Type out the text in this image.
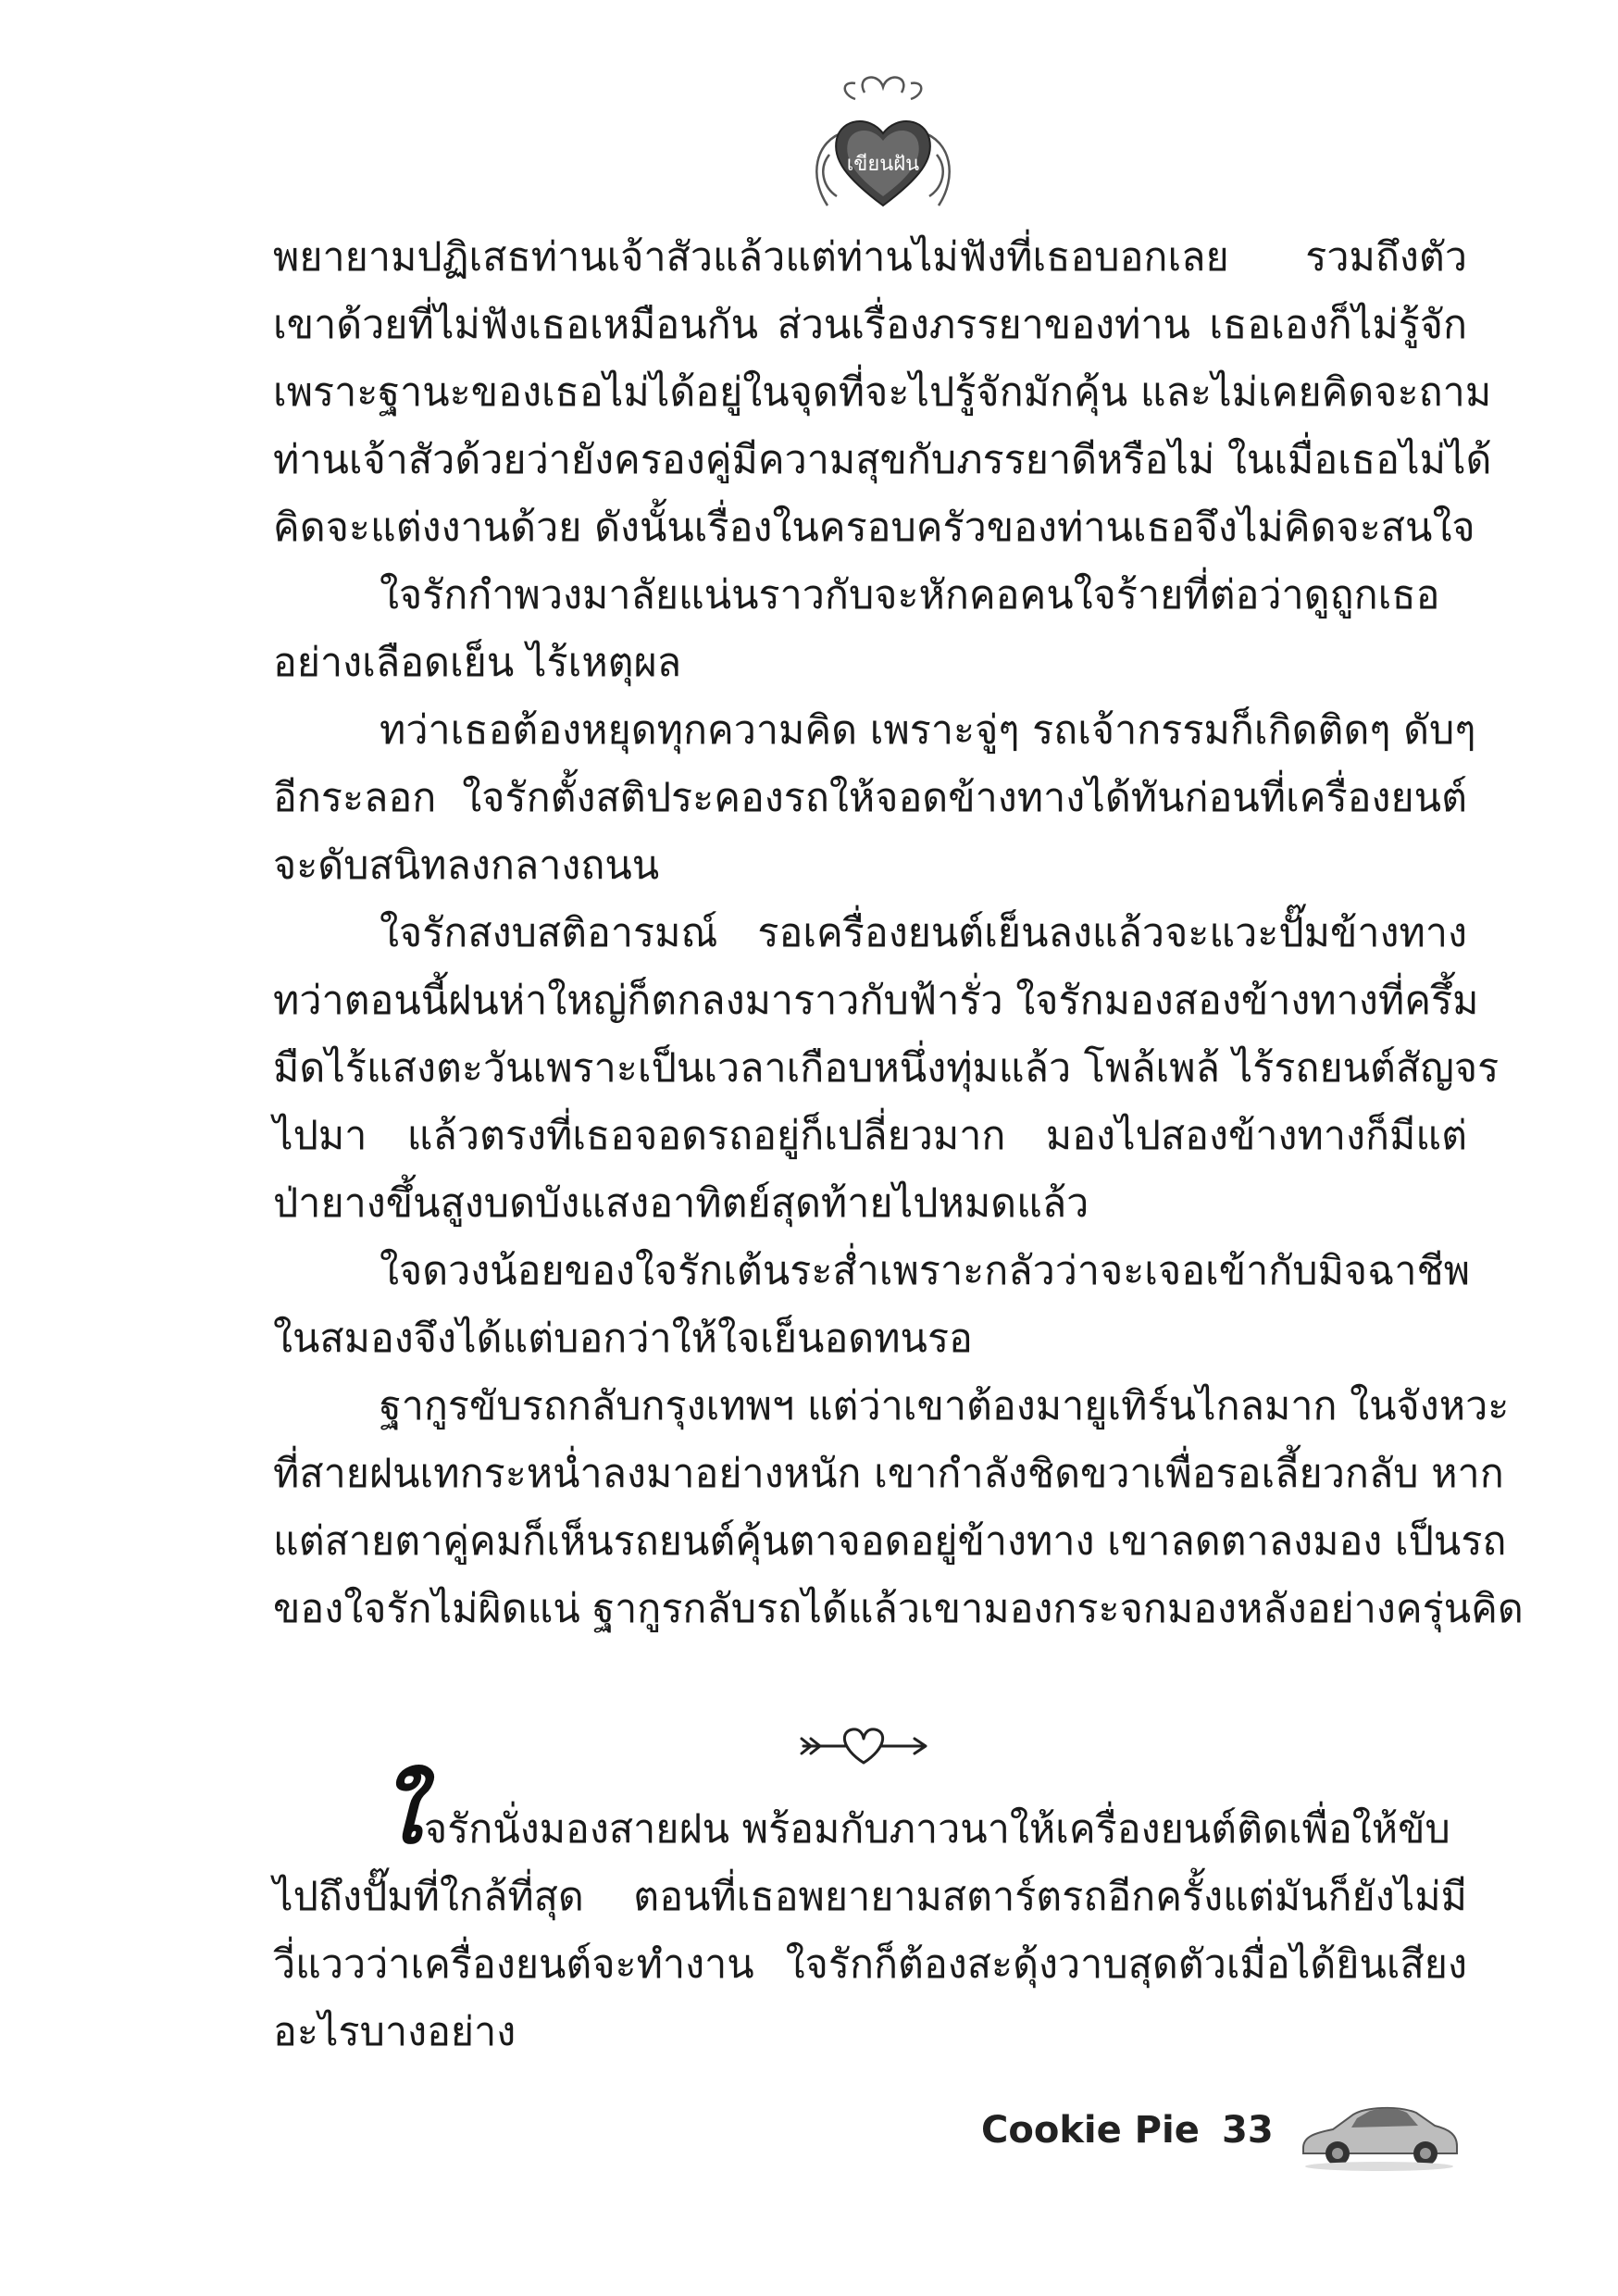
เขียนฝัน
พยายามปฏิเสธท่านเจ้าสัวแล้วแต่ท่านไม่ฟังที่เธอบอกเลย รวมถึงตัว
เขาด้วยที่ไม่ฟังเธอเหมือนกัน ส่วนเรื่องภรรยาของท่าน เธอเองก็ไม่รู้จัก
เพราะฐานะของเธอไม่ได้อยู่ในจุดที่จะไปรู้จักมักคุ้น และไม่เคยคิดจะถาม
ท่านเจ้าสัวด้วยว่ายังครองคู่มีความสุขกับภรรยาดีหรือไม่ ในเมื่อเธอไม่ได้
คิดจะแต่งงานด้วย ดังนั้นเรื่องในครอบครัวของท่านเธอจึงไม่คิดจะสนใจ
ใจรักกำพวงมาลัยแน่นราวกับจะหักคอคนใจร้ายที่ต่อว่าดูถูกเธอ
อย่างเลือดเย็น ไร้เหตุผล
ทว่าเธอต้องหยุดทุกความคิด เพราะจู่ๆ รถเจ้ากรรมก็เกิดติดๆ ดับๆ
อีกระลอก ใจรักตั้งสติประคองรถให้จอดข้างทางได้ทันก่อนที่เครื่องยนต์
จะดับสนิทลงกลางถนน
ใจรักสงบสติอารมณ์ รอเครื่องยนต์เย็นลงแล้วจะแวะปั๊มข้างทาง
ทว่าตอนนี้ฝนห่าใหญ่ก็ตกลงมาราวกับฟ้ารั่ว ใจรักมองสองข้างทางที่ครึ้ม
มืดไร้แสงตะวันเพราะเป็นเวลาเกือบหนึ่งทุ่มแล้ว โพล้เพล้ ไร้รถยนต์สัญจร
ไปมา แล้วตรงที่เธอจอดรถอยู่ก็เปลี่ยวมาก มองไปสองข้างทางก็มีแต่
ป่ายางขึ้นสูงบดบังแสงอาทิตย์สุดท้ายไปหมดแล้ว
ใจดวงน้อยของใจรักเต้นระส่ำเพราะกลัวว่าจะเจอเข้ากับมิจฉาชีพ
ในสมองจึงได้แต่บอกว่าให้ใจเย็นอดทนรอ
ฐากูรขับรถกลับกรุงเทพฯ แต่ว่าเขาต้องมายูเทิร์นไกลมาก ในจังหวะ
ที่สายฝนเทกระหน่ำลงมาอย่างหนัก เขากำลังชิดขวาเพื่อรอเลี้ยวกลับ หาก
แต่สายตาคู่คมก็เห็นรถยนต์คุ้นตาจอดอยู่ข้างทาง เขาลดตาลงมอง เป็นรถ
ของใจรักไม่ผิดแน่ ฐากูรกลับรถได้แล้วเขามองกระจกมองหลังอย่างครุ่นคิด
ใ จรักนั่งมองสายฝน พร้อมกับภาวนาให้เครื่องยนต์ติดเพื่อให้ขับ
ไปถึงปั๊มที่ใกล้ที่สุด ตอนที่เธอพยายามสตาร์ตรถอีกครั้งแต่มันก็ยังไม่มี
วี่แววว่าเครื่องยนต์จะทำงาน ใจรักก็ต้องสะดุ้งวาบสุดตัวเมื่อได้ยินเสียง
อะไรบางอย่าง
Cookie Pie 33
